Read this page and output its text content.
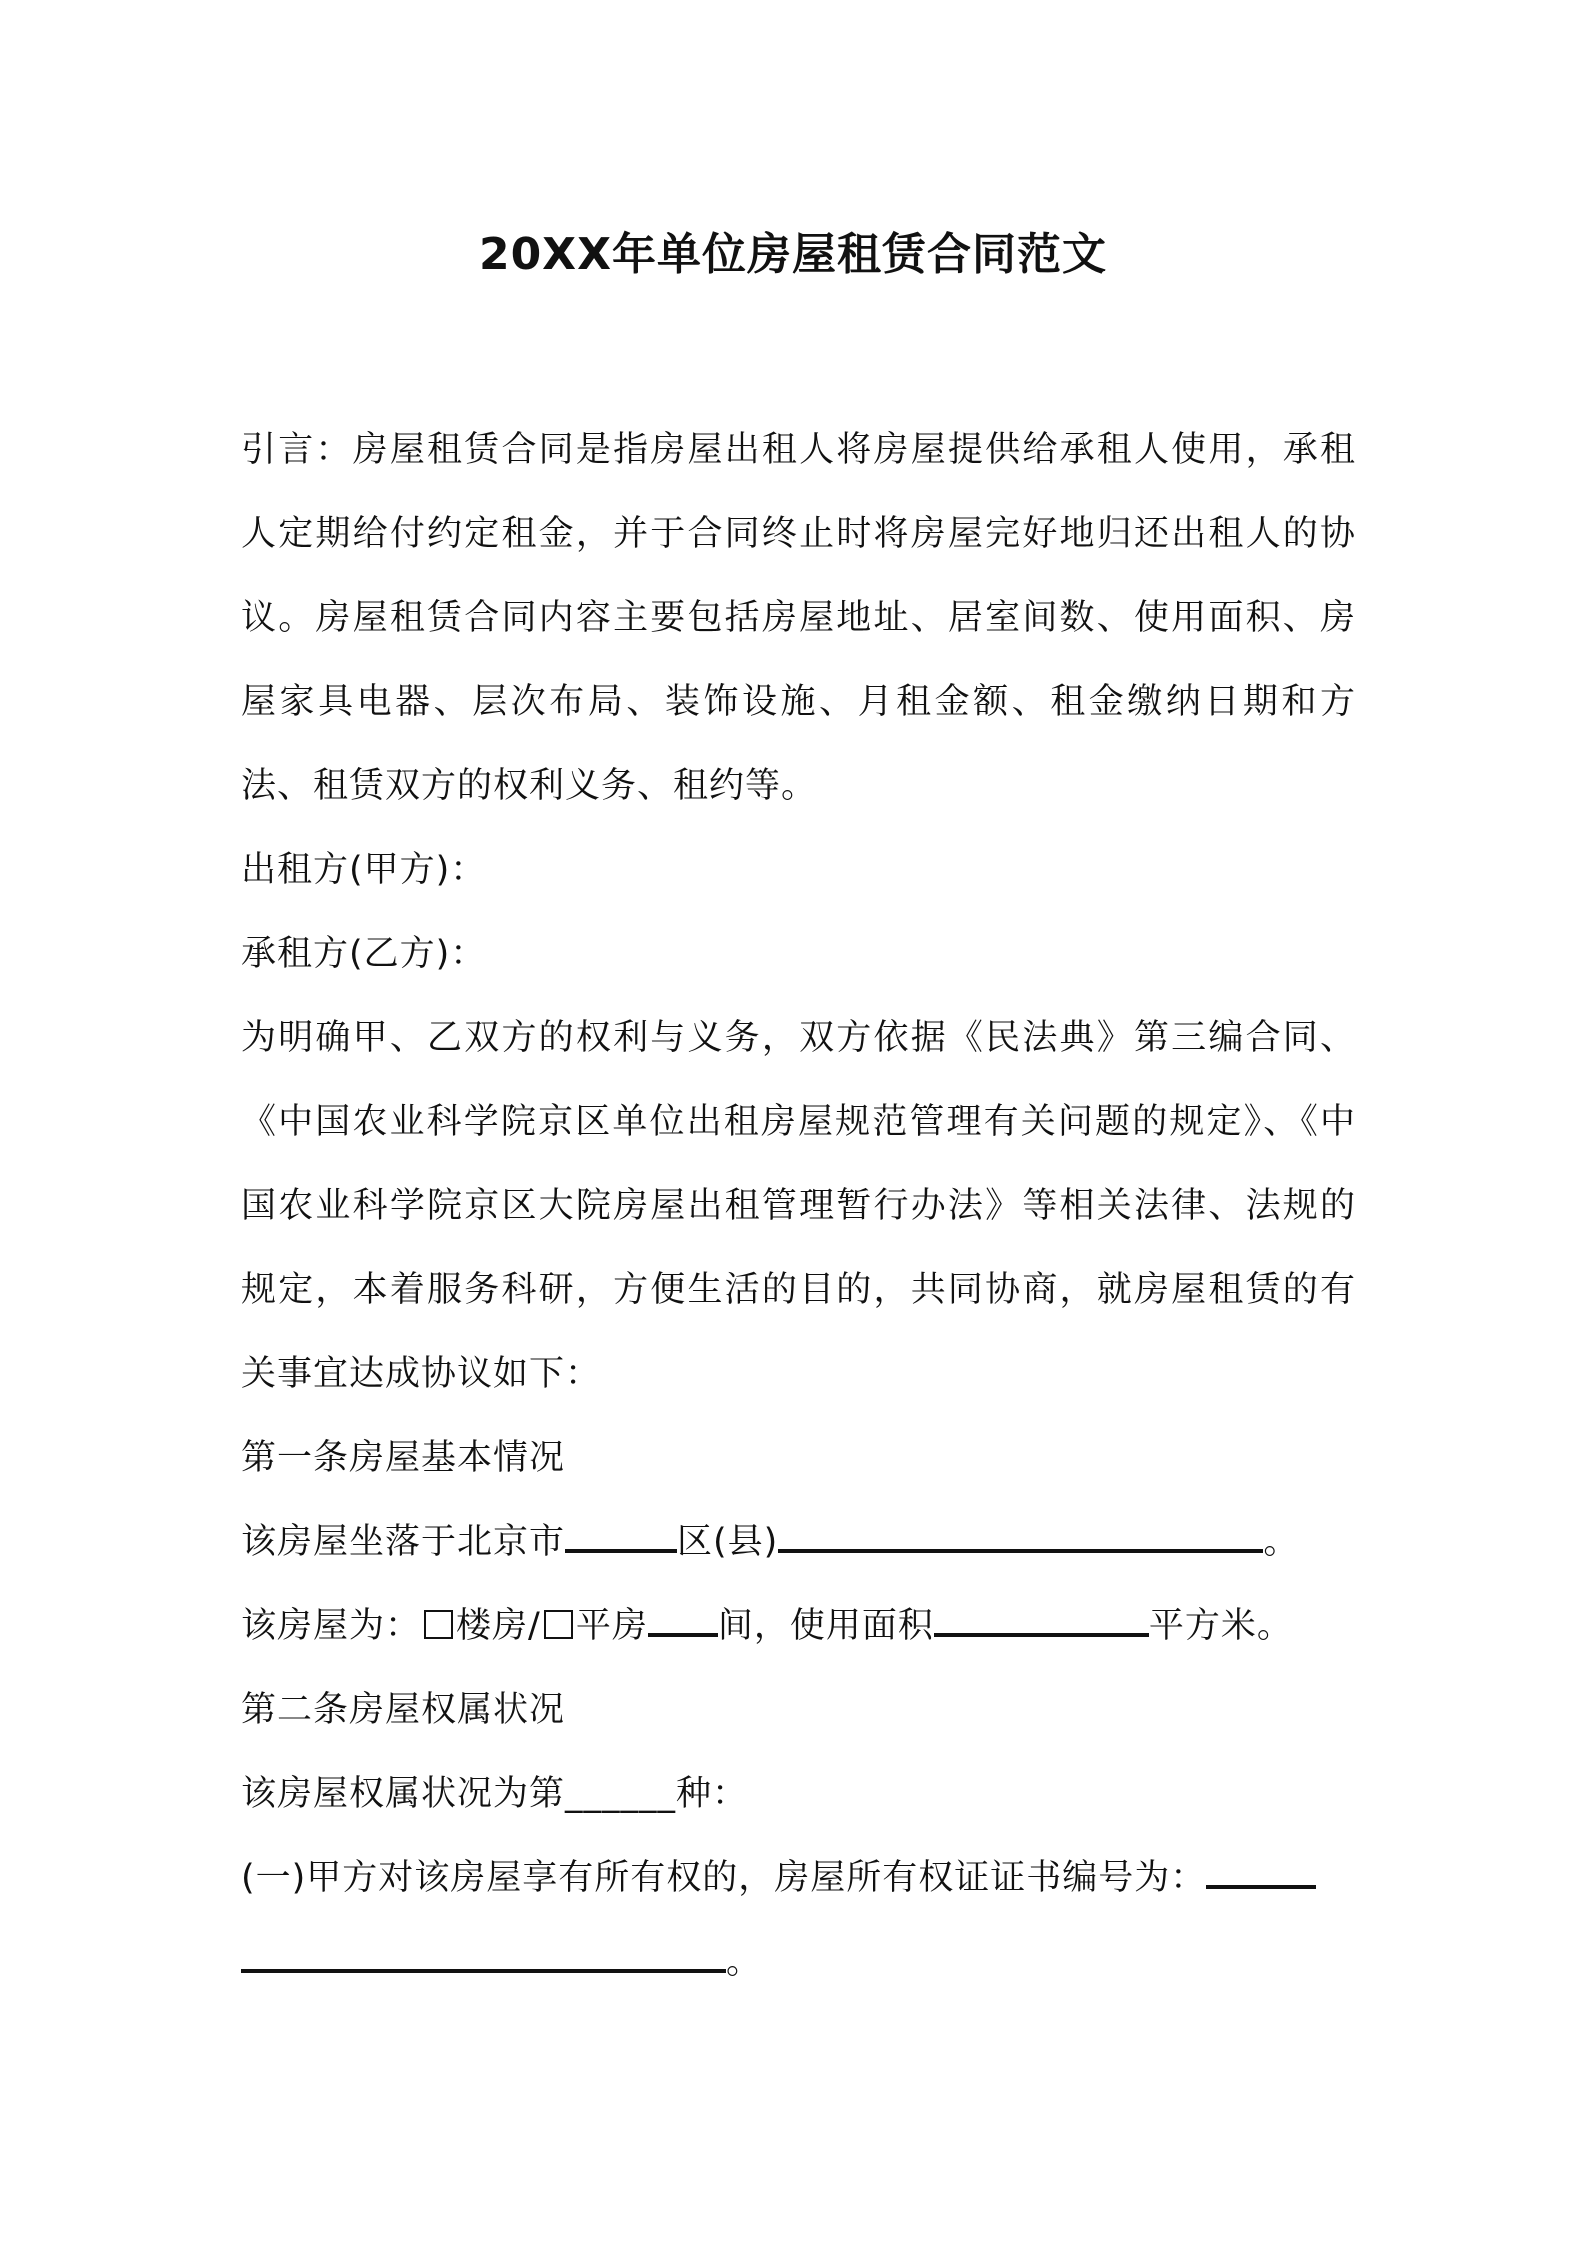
20XX年单位房屋租赁合同范文

引言：房屋租赁合同是指房屋出租人将房屋提供给承租人使用，承租人定期给付约定租金，并于合同终止时将房屋完好地归还出租人的协议。房屋租赁合同内容主要包括房屋地址、居室间数、使用面积、房屋家具电器、层次布局、装饰设施、月租金额、租金缴纳日期和方法、租赁双方的权利义务、租约等。

出租方(甲方)：

承租方(乙方)：

为明确甲、乙双方的权利与义务，双方依据《民法典》第三编合同、《中国农业科学院京区单位出租房屋规范管理有关问题的规定》、《中国农业科学院京区大院房屋出租管理暂行办法》等相关法律、法规的规定，本着服务科研，方便生活的目的，共同协商，就房屋租赁的有关事宜达成协议如下：

第一条房屋基本情况

该房屋坐落于北京市	区(县)	。

该房屋为： 楼房/ 平房 间，使用面积	平方米。

第二条房屋权属状况

该房屋权属状况为第______种：

(一)甲方对该房屋享有所有权的，房屋所有权证证书编号为：

。
